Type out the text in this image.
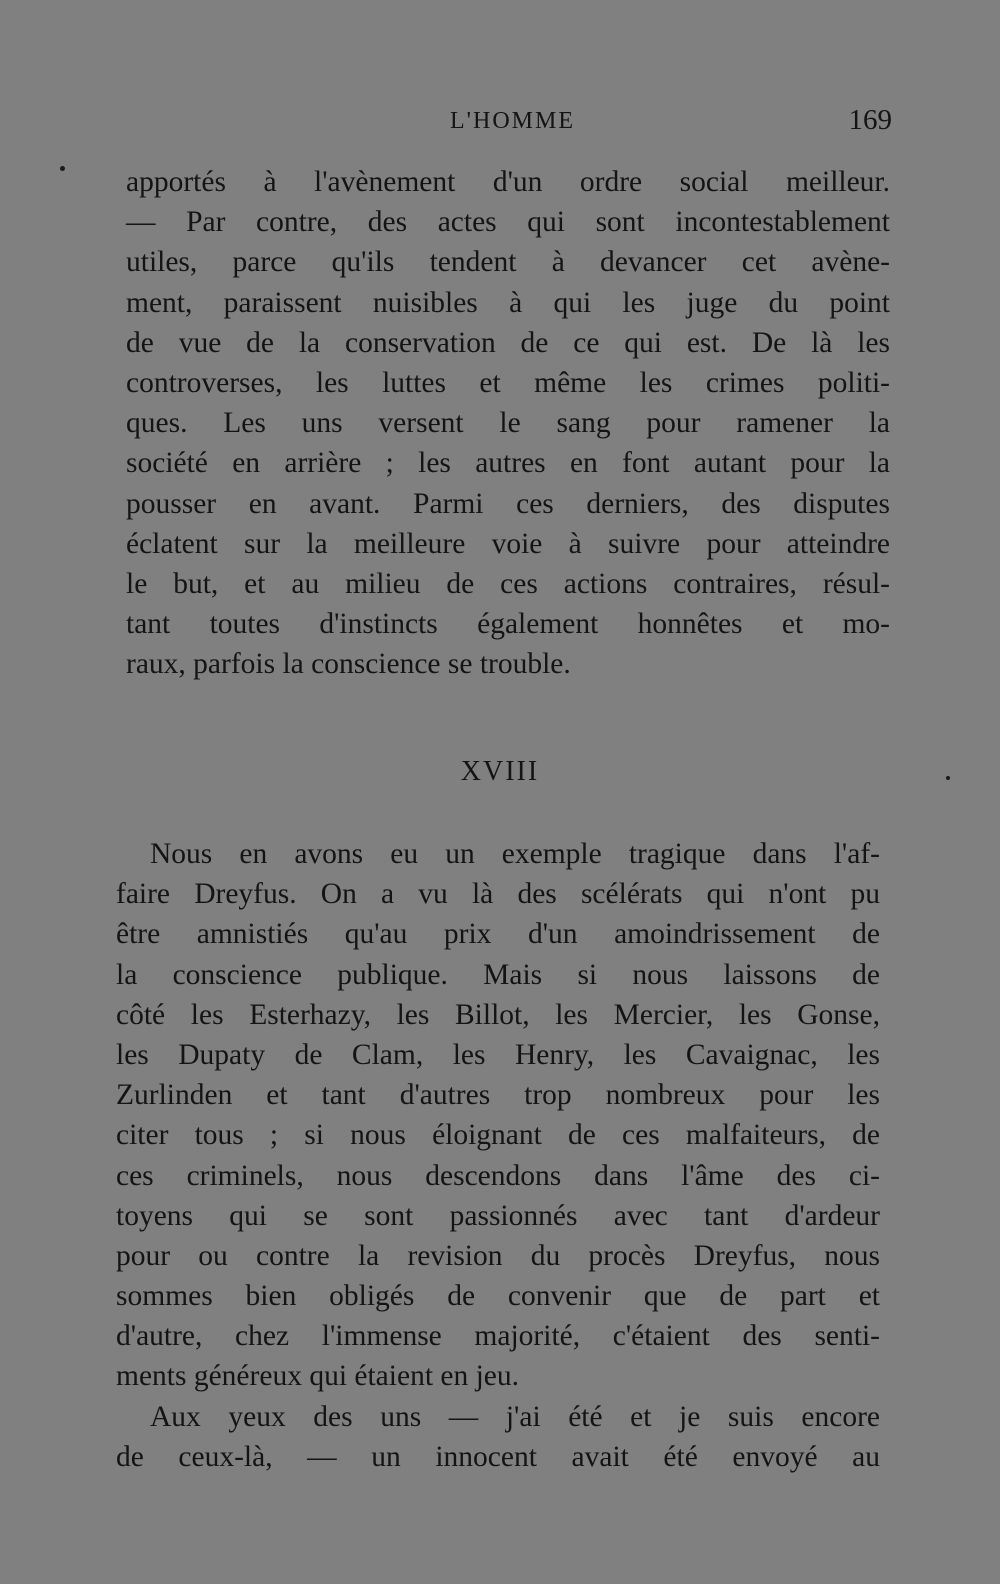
L'HOMME	169
apportés à l'avènement d'un ordre social meilleur.
— Par contre, des actes qui sont incontestablement
utiles, parce qu'ils tendent à devancer cet avène-
ment, paraissent nuisibles à qui les juge du point
de vue de la conservation de ce qui est. De là les
controverses, les luttes et même les crimes politi-
ques. Les uns versent le sang pour ramener la
société en arrière ; les autres en font autant pour la
pousser en avant. Parmi ces derniers, des disputes
éclatent sur la meilleure voie à suivre pour atteindre
le but, et au milieu de ces actions contraires, résul-
tant toutes d'instincts également honnêtes et mo-
raux, parfois la conscience se trouble.
XVIII
Nous en avons eu un exemple tragique dans l'af-
faire Dreyfus. On a vu là des scélérats qui n'ont pu
être amnistiés qu'au prix d'un amoindrissement de
la conscience publique. Mais si nous laissons de
côté les Esterhazy, les Billot, les Mercier, les Gonse,
les Dupaty de Clam, les Henry, les Cavaignac, les
Zurlinden et tant d'autres trop nombreux pour les
citer tous ; si nous éloignant de ces malfaiteurs, de
ces criminels, nous descendons dans l'âme des ci-
toyens qui se sont passionnés avec tant d'ardeur
pour ou contre la revision du procès Dreyfus, nous
sommes bien obligés de convenir que de part et
d'autre, chez l'immense majorité, c'étaient des senti-
ments généreux qui étaient en jeu.
Aux yeux des uns — j'ai été et je suis encore
de ceux-là, — un innocent avait été envoyé au
